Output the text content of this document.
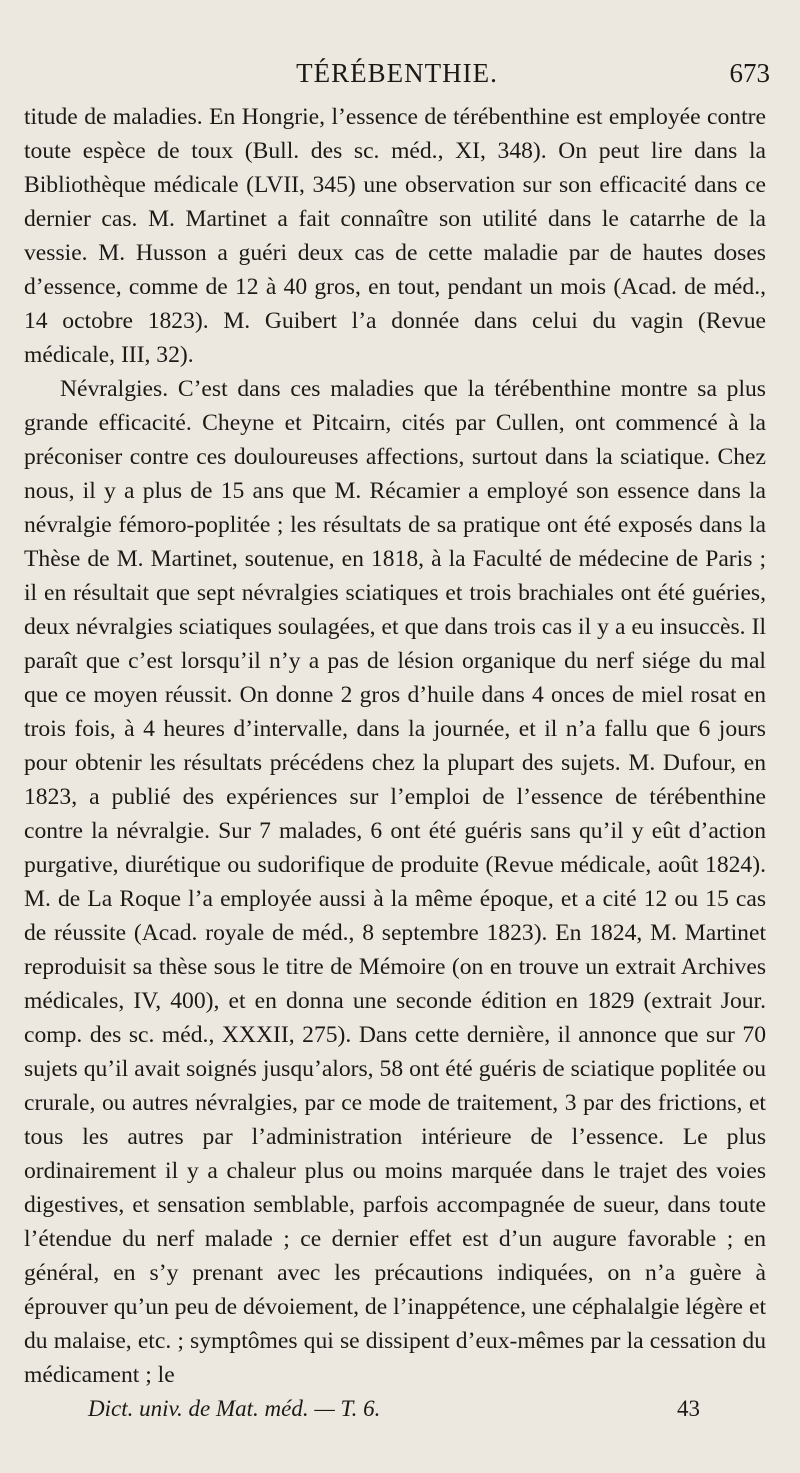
TÉRÉBENTHIE.	673

titude de maladies. En Hongrie, l’essence de térébenthine est employée contre toute espèce de toux (Bull. des sc. méd., XI, 348). On peut lire dans la Bibliothèque médicale (LVII, 345) une observation sur son efficacité dans ce dernier cas. M. Martinet a fait connaître son utilité dans le catarrhe de la vessie. M. Husson a guéri deux cas de cette maladie par de hautes doses d’essence, comme de 12 à 40 gros, en tout, pendant un mois (Acad. de méd., 14 octobre 1823). M. Guibert l’a donnée dans celui du vagin (Revue médicale, III, 32).

Névralgies. C’est dans ces maladies que la térébenthine montre sa plus grande efficacité. Cheyne et Pitcairn, cités par Cullen, ont commencé à la préconiser contre ces douloureuses affections, surtout dans la sciatique. Chez nous, il y a plus de 15 ans que M. Récamier a employé son essence dans la névralgie fémoro-poplitée ; les résultats de sa pratique ont été exposés dans la Thèse de M. Martinet, soutenue, en 1818, à la Faculté de médecine de Paris ; il en résultait que sept névralgies sciatiques et trois brachiales ont été guéries, deux névralgies sciatiques soulagées, et que dans trois cas il y a eu insuccès. Il paraît que c’est lorsqu’il n’y a pas de lésion organique du nerf siége du mal que ce moyen réussit. On donne 2 gros d’huile dans 4 onces de miel rosat en trois fois, à 4 heures d’intervalle, dans la journée, et il n’a fallu que 6 jours pour obtenir les résultats précédens chez la plupart des sujets. M. Dufour, en 1823, a publié des expériences sur l’emploi de l’essence de térébenthine contre la névralgie. Sur 7 malades, 6 ont été guéris sans qu’il y eût d’action purgative, diurétique ou sudorifique de produite (Revue médicale, août 1824). M. de La Roque l’a employée aussi à la même époque, et a cité 12 ou 15 cas de réussite (Acad. royale de méd., 8 septembre 1823). En 1824, M. Martinet reproduisit sa thèse sous le titre de Mémoire (on en trouve un extrait Archives médicales, IV, 400), et en donna une seconde édition en 1829 (extrait Jour. comp. des sc. méd., XXXII, 275). Dans cette dernière, il annonce que sur 70 sujets qu’il avait soignés jusqu’alors, 58 ont été guéris de sciatique poplitée ou crurale, ou autres névralgies, par ce mode de traitement, 3 par des frictions, et tous les autres par l’administration intérieure de l’essence. Le plus ordinairement il y a chaleur plus ou moins marquée dans le trajet des voies digestives, et sensation semblable, parfois accompagnée de sueur, dans toute l’étendue du nerf malade ; ce dernier effet est d’un augure favorable ; en général, en s’y prenant avec les précautions indiquées, on n’a guère à éprouver qu’un peu de dévoiement, de l’inappétence, une céphalalgie légère et du malaise, etc. ; symptômes qui se dissipent d’eux-mêmes par la cessation du médicament ; le

Dict. univ. de Mat. méd. — T. 6.	43
